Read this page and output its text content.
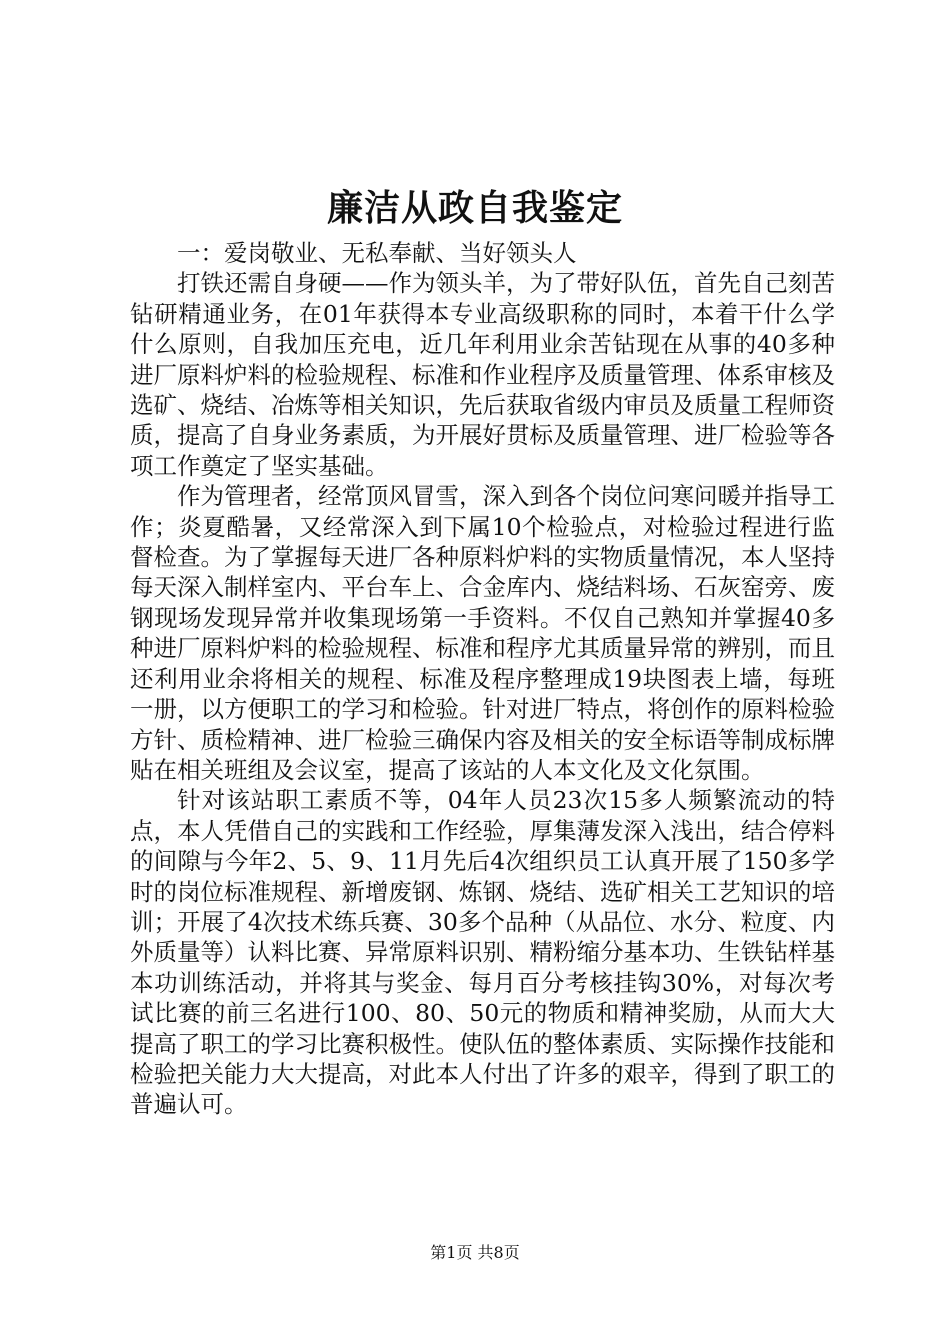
廉洁从政自我鉴定

一：爱岗敬业、无私奉献、当好领头人

打铁还需自身硬——作为领头羊，为了带好队伍，首先自己刻苦钻研精通业务，在01年获得本专业高级职称的同时，本着干什么学什么原则，自我加压充电，近几年利用业余苦钻现在从事的40多种进厂原料炉料的检验规程、标准和作业程序及质量管理、体系审核及选矿、烧结、冶炼等相关知识，先后获取省级内审员及质量工程师资质，提高了自身业务素质，为开展好贯标及质量管理、进厂检验等各项工作奠定了坚实基础。

作为管理者，经常顶风冒雪，深入到各个岗位问寒问暖并指导工作；炎夏酷暑，又经常深入到下属10个检验点，对检验过程进行监督检查。为了掌握每天进厂各种原料炉料的实物质量情况，本人坚持每天深入制样室内、平台车上、合金库内、烧结料场、石灰窑旁、废钢现场发现异常并收集现场第一手资料。不仅自己熟知并掌握40多种进厂原料炉料的检验规程、标准和程序尤其质量异常的辨别，而且还利用业余将相关的规程、标准及程序整理成19块图表上墙，每班一册，以方便职工的学习和检验。针对进厂特点，将创作的原料检验方针、质检精神、进厂检验三确保内容及相关的安全标语等制成标牌贴在相关班组及会议室，提高了该站的人本文化及文化氛围。

针对该站职工素质不等，04年人员23次15多人频繁流动的特点，本人凭借自己的实践和工作经验，厚集薄发深入浅出，结合停料的间隙与今年2、5、9、11月先后4次组织员工认真开展了150多学时的岗位标准规程、新增废钢、炼钢、烧结、选矿相关工艺知识的培训；开展了4次技术练兵赛、30多个品种（从品位、水分、粒度、内外质量等）认料比赛、异常原料识别、精粉缩分基本功、生铁钻样基本功训练活动，并将其与奖金、每月百分考核挂钩30%，对每次考试比赛的前三名进行100、80、50元的物质和精神奖励，从而大大提高了职工的学习比赛积极性。使队伍的整体素质、实际操作技能和检验把关能力大大提高，对此本人付出了许多的艰辛，得到了职工的普遍认可。

第1页 共8页
